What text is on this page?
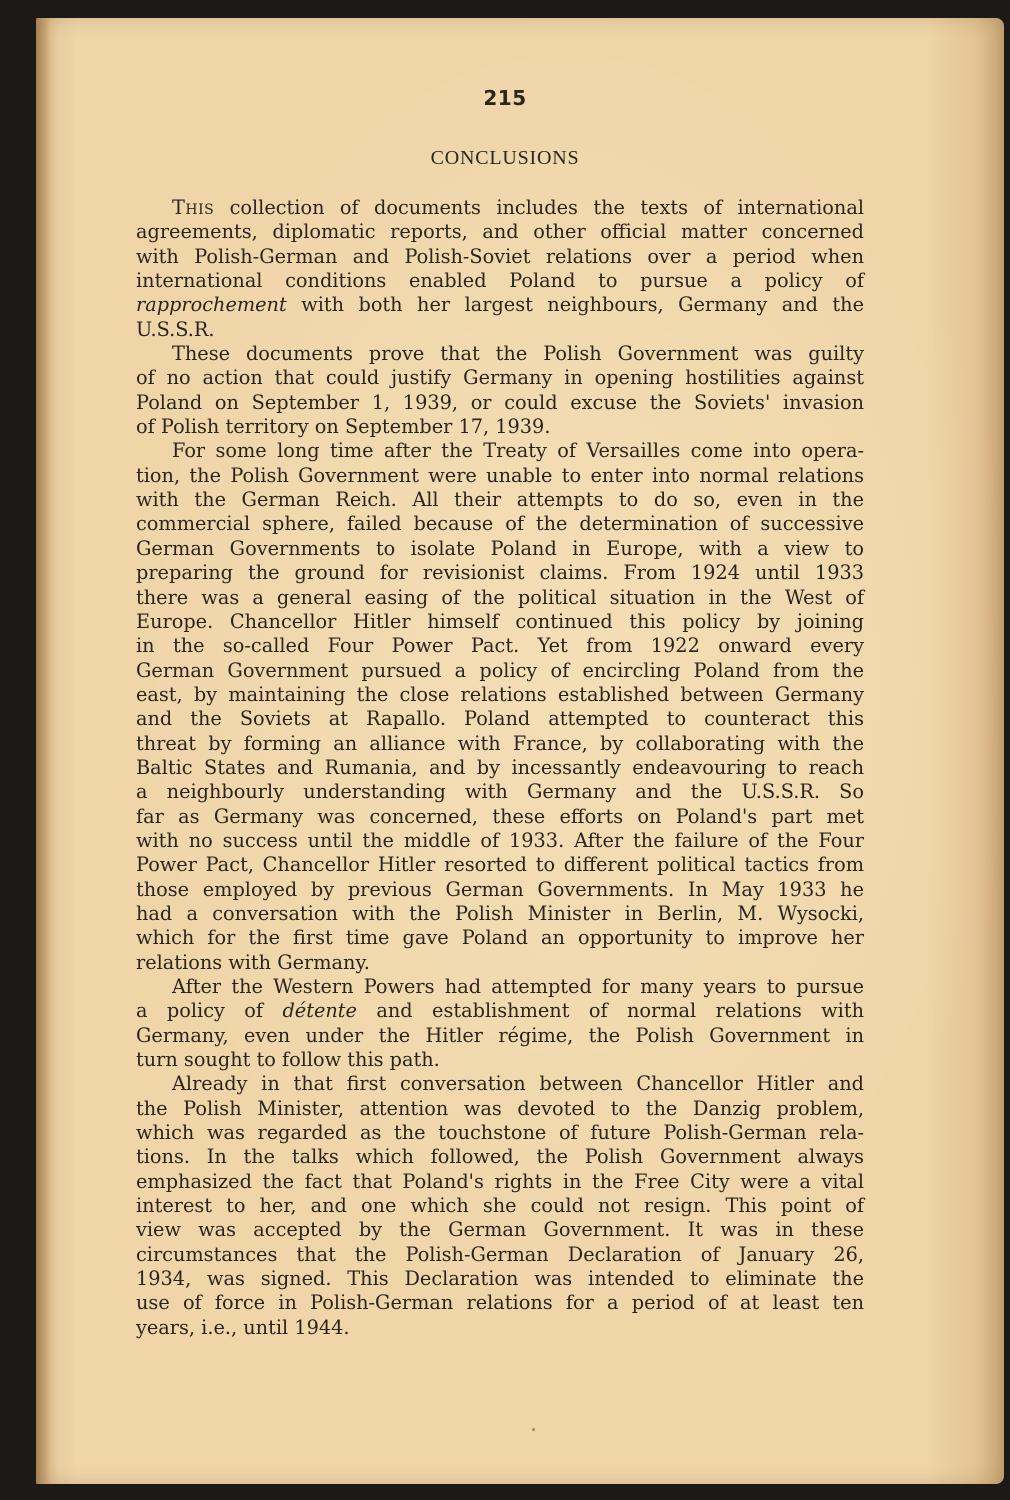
215
CONCLUSIONS

This collection of documents includes the texts of international
agreements, diplomatic reports, and other official matter concerned
with Polish-German and Polish-Soviet relations over a period when
international conditions enabled Poland to pursue a policy of
rapprochement with both her largest neighbours, Germany and the
U.S.S.R.

These documents prove that the Polish Government was guilty
of no action that could justify Germany in opening hostilities against
Poland on September 1, 1939, or could excuse the Soviets' invasion
of Polish territory on September 17, 1939.

For some long time after the Treaty of Versailles come into opera-
tion, the Polish Government were unable to enter into normal relations
with the German Reich. All their attempts to do so, even in the
commercial sphere, failed because of the determination of successive
German Governments to isolate Poland in Europe, with a view to
preparing the ground for revisionist claims. From 1924 until 1933
there was a general easing of the political situation in the West of
Europe. Chancellor Hitler himself continued this policy by joining
in the so-called Four Power Pact. Yet from 1922 onward every
German Government pursued a policy of encircling Poland from the
east, by maintaining the close relations established between Germany
and the Soviets at Rapallo. Poland attempted to counteract this
threat by forming an alliance with France, by collaborating with the
Baltic States and Rumania, and by incessantly endeavouring to reach
a neighbourly understanding with Germany and the U.S.S.R. So
far as Germany was concerned, these efforts on Poland's part met
with no success until the middle of 1933. After the failure of the Four
Power Pact, Chancellor Hitler resorted to different political tactics from
those employed by previous German Governments. In May 1933 he
had a conversation with the Polish Minister in Berlin, M. Wysocki,
which for the first time gave Poland an opportunity to improve her
relations with Germany.

After the Western Powers had attempted for many years to pursue
a policy of détente and establishment of normal relations with
Germany, even under the Hitler régime, the Polish Government in
turn sought to follow this path.

Already in that first conversation between Chancellor Hitler and
the Polish Minister, attention was devoted to the Danzig problem,
which was regarded as the touchstone of future Polish-German rela-
tions. In the talks which followed, the Polish Government always
emphasized the fact that Poland's rights in the Free City were a vital
interest to her, and one which she could not resign. This point of
view was accepted by the German Government. It was in these
circumstances that the Polish-German Declaration of January 26,
1934, was signed. This Declaration was intended to eliminate the
use of force in Polish-German relations for a period of at least ten
years, i.e., until 1944.
